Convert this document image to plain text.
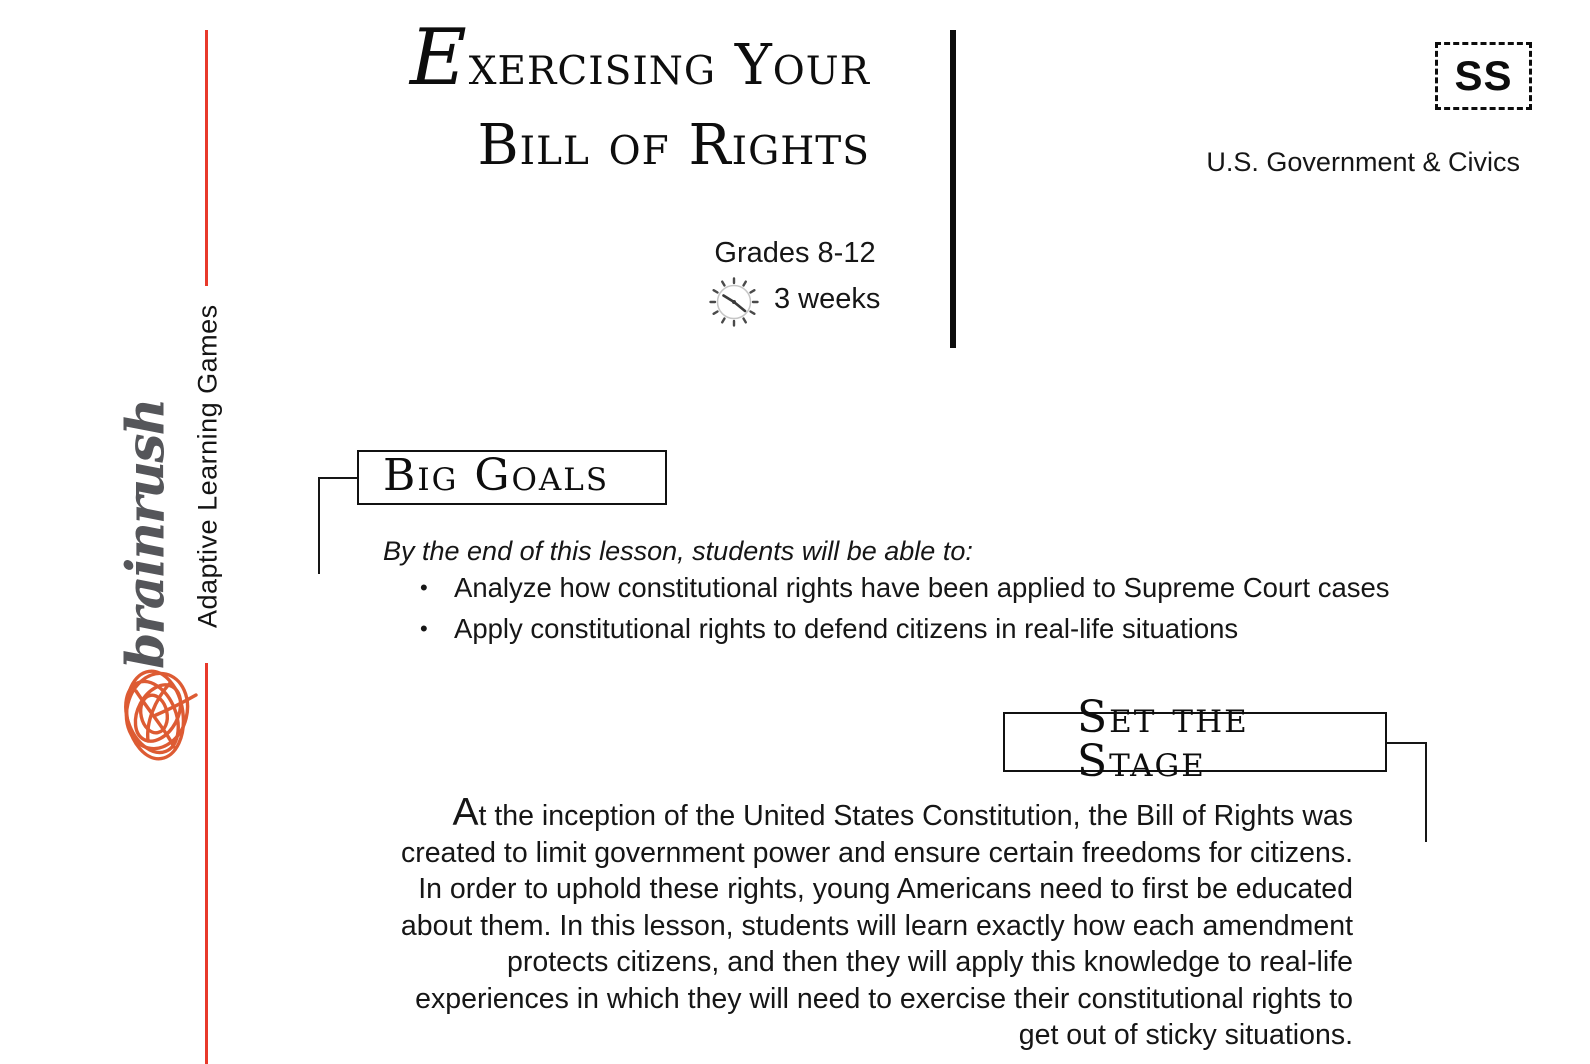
Adaptive Learning Games
brainrush
Exercising Your
Bill of Rights
SS
U.S. Government & Civics
Grades 8-12
3 weeks
Big Goals
By the end of this lesson, students will be able to:
• Analyze how constitutional rights have been applied to Supreme Court cases
• Apply constitutional rights to defend citizens in real-life situations
Set the Stage
At the inception of the United States Constitution, the Bill of Rights was created to limit government power and ensure certain freedoms for citizens. In order to uphold these rights, young Americans need to first be educated about them. In this lesson, students will learn exactly how each amendment protects citizens, and then they will apply this knowledge to real-life experiences in which they will need to exercise their constitutional rights to get out of sticky situations.
